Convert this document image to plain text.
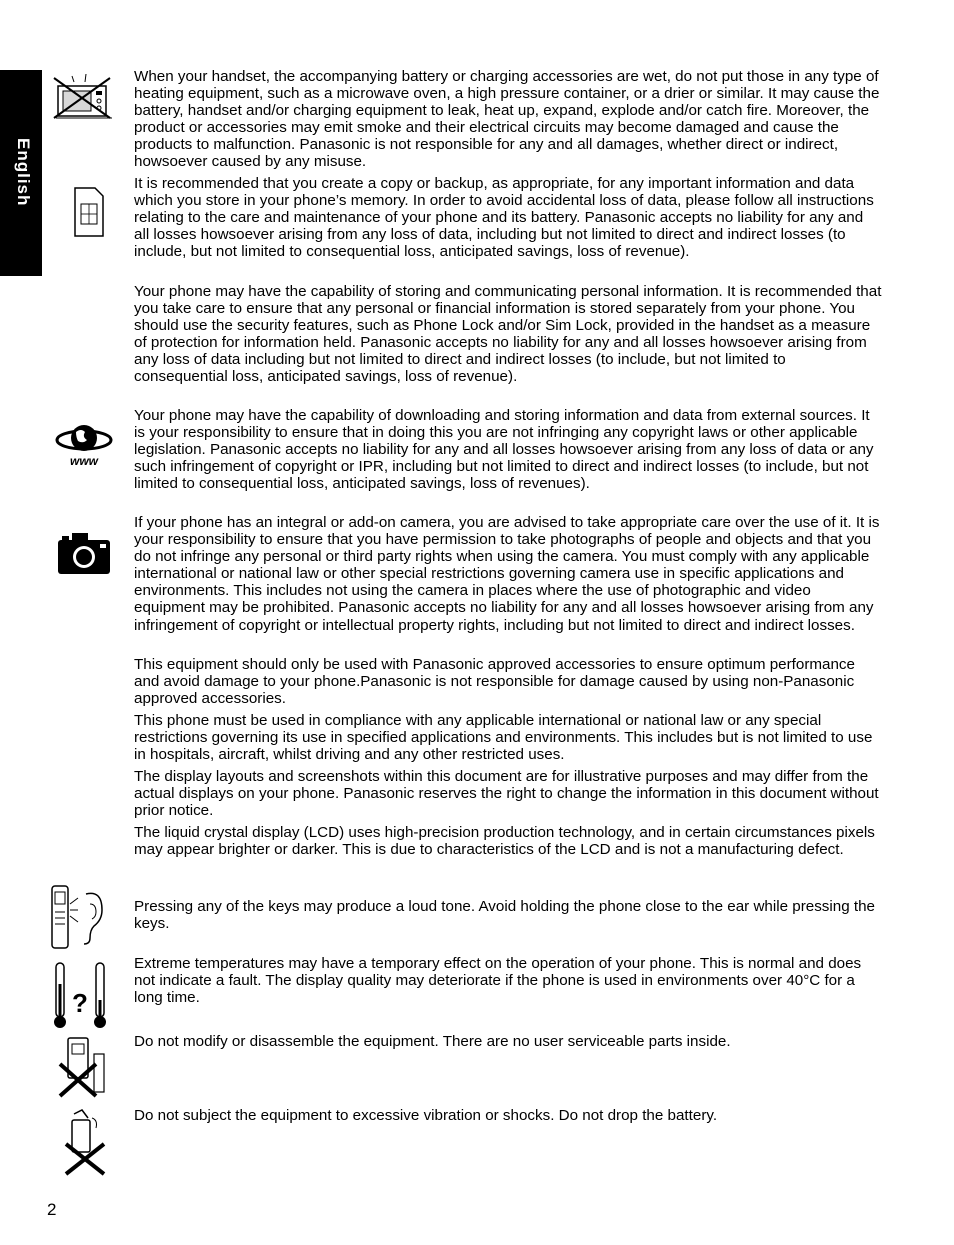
English
www
?

When your handset, the accompanying battery or charging accessories are wet, do not put those in any type of heating equipment, such as a microwave oven, a high pressure container, or a drier or similar. It may cause the battery, handset and/or charging equipment to leak, heat up, expand, explode and/or catch fire. Moreover, the product or accessories may emit smoke and their electrical circuits may become damaged and cause the products to malfunction. Panasonic is not responsible for any and all damages, whether direct or indirect, howsoever caused by any misuse.

It is recommended that you create a copy or backup, as appropriate, for any important information and data which you store in your phone’s memory. In order to avoid accidental loss of data, please follow all instructions relating to the care and maintenance of your phone and its battery. Panasonic accepts no liability for any and all losses howsoever arising from any loss of data, including but not limited to direct and indirect losses (to include, but not limited to consequential loss, anticipated savings, loss of revenue).

Your phone may have the capability of storing and communicating personal information. It is recommended that you take care to ensure that any personal or financial information is stored separately from your phone. You should use the security features, such as Phone Lock and/or Sim Lock, provided in the handset as a measure of protection for information held. Panasonic accepts no liability for any and all losses howsoever arising from any loss of data including but not limited to direct and indirect losses (to include, but not limited to consequential loss, anticipated savings, loss of revenue).

Your phone may have the capability of downloading and storing information and data from external sources. It is your responsibility to ensure that in doing this you are not infringing any copyright laws or other applicable legislation. Panasonic accepts no liability for any and all losses howsoever arising from any loss of data or any such infringement of copyright or IPR, including but not limited to direct and indirect losses (to include, but not limited to consequential loss, anticipated savings, loss of revenues).

If your phone has an integral or add-on camera, you are advised to take appropriate care over the use of it. It is your responsibility to ensure that you have permission to take photographs of people and objects and that you do not infringe any personal or third party rights when using the camera. You must comply with any applicable international or national law or other special restrictions governing camera use in specific applications and environments. This includes not using the camera in places where the use of photographic and video equipment may be prohibited. Panasonic accepts no liability for any and all losses howsoever arising from any infringement of copyright or intellectual property rights, including but not limited to direct and indirect losses.

This equipment should only be used with Panasonic approved accessories to ensure optimum performance and avoid damage to your phone.Panasonic is not responsible for damage caused by using non-Panasonic approved accessories.

This phone must be used in compliance with any applicable international or national law or any special restrictions governing its use in specified applications and environments. This includes but is not limited to use in hospitals, aircraft, whilst driving and any other restricted uses.

The display layouts and screenshots within this document are for illustrative purposes and may differ from the actual displays on your phone. Panasonic reserves the right to change the information in this document without prior notice.

The liquid crystal display (LCD) uses high-precision production technology, and in certain circumstances pixels may appear brighter or darker. This is due to characteristics of the LCD and is not a manufacturing defect.

Pressing any of the keys may produce a loud tone. Avoid holding the phone close to the ear while pressing the keys.

Extreme temperatures may have a temporary effect on the operation of your phone. This is normal and does not indicate a fault. The display quality may deteriorate if the phone is used in environments over 40°C for a long time.

Do not modify or disassemble the equipment. There are no user serviceable parts inside.

Do not subject the equipment to excessive vibration or shocks. Do not drop the battery.

2
